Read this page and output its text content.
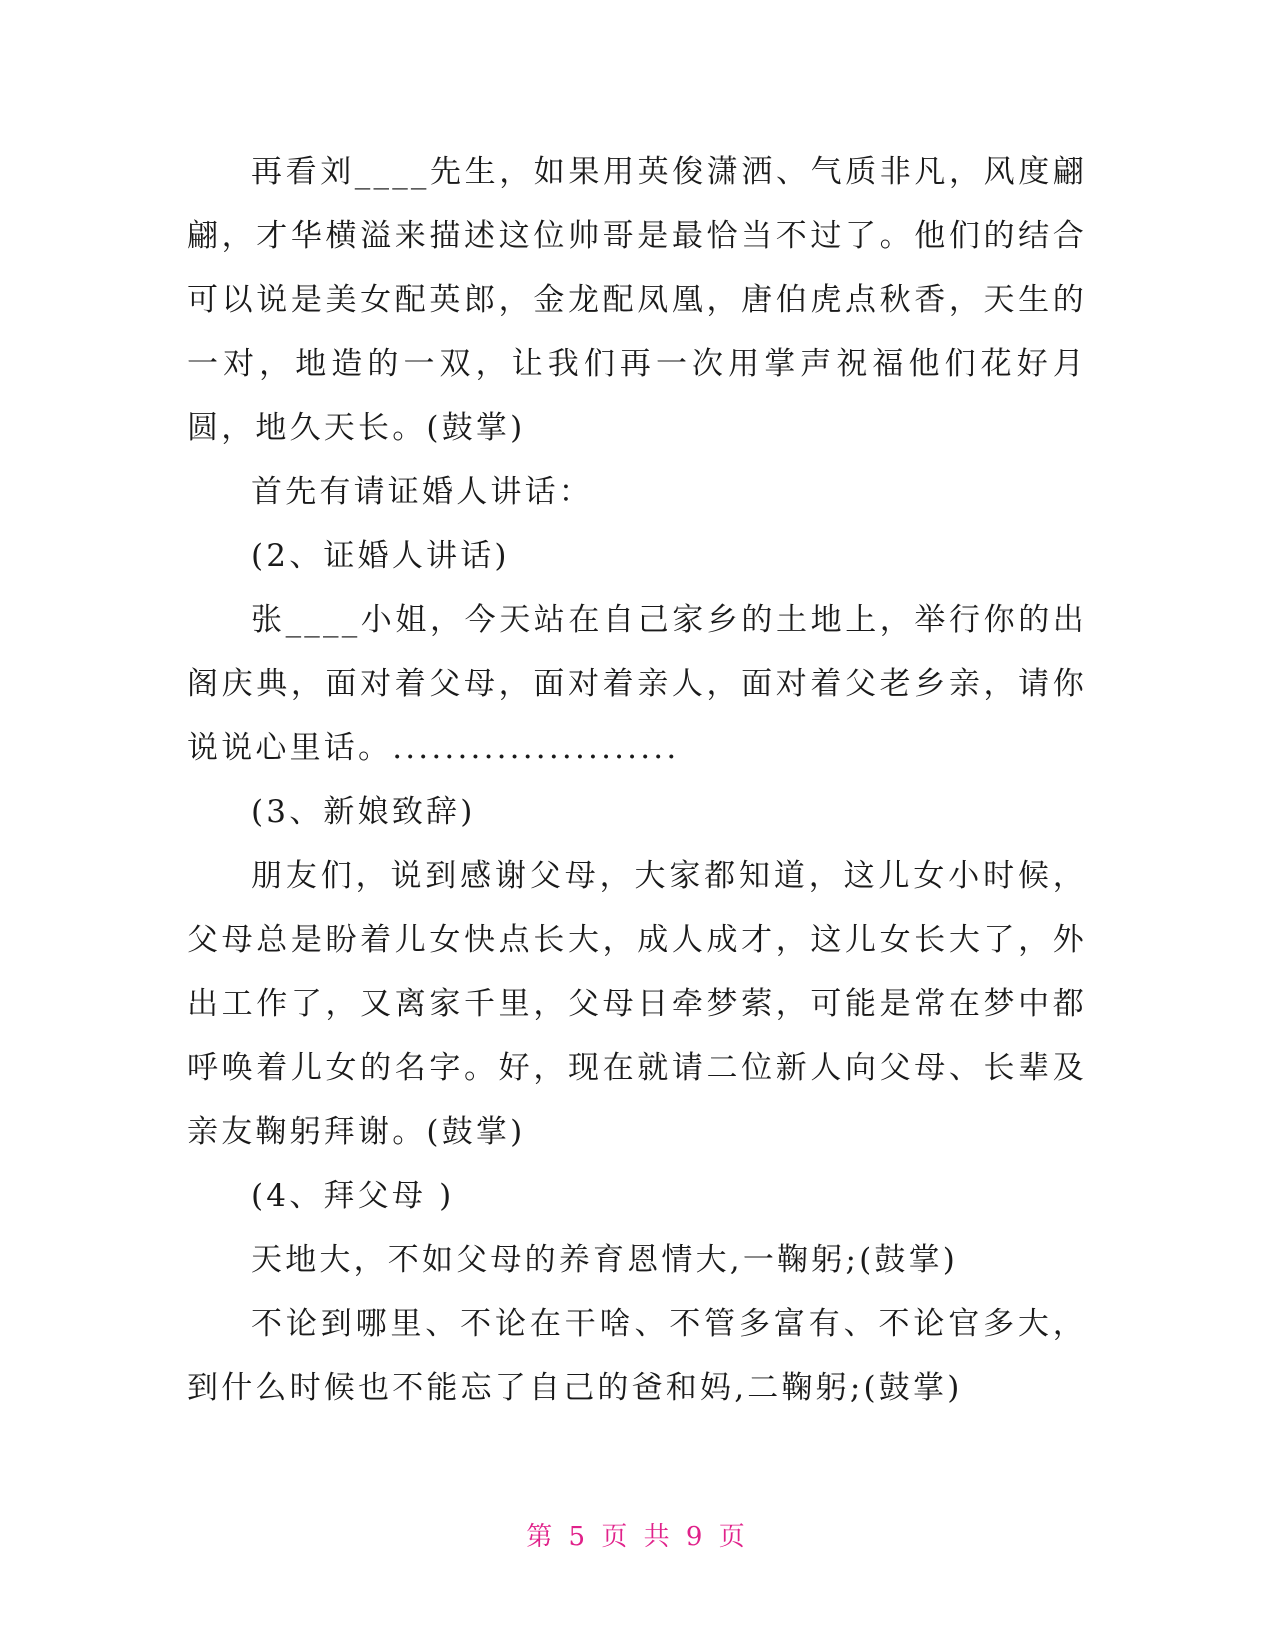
再看刘____先生，如果用英俊潇洒、气质非凡，风度翩翩，才华横溢来描述这位帅哥是最恰当不过了。他们的结合可以说是美女配英郎，金龙配凤凰，唐伯虎点秋香，天生的一对，地造的一双，让我们再一次用掌声祝福他们花好月圆，地久天长。(鼓掌)

首先有请证婚人讲话：

(2、证婚人讲话)

张____小姐，今天站在自己家乡的土地上，举行你的出阁庆典，面对着父母，面对着亲人，面对着父老乡亲，请你说说心里话。......................

(3、新娘致辞)

朋友们，说到感谢父母，大家都知道，这儿女小时候，父母总是盼着儿女快点长大，成人成才，这儿女长大了，外出工作了，又离家千里，父母日牵梦萦，可能是常在梦中都呼唤着儿女的名字。好，现在就请二位新人向父母、长辈及亲友鞠躬拜谢。(鼓掌)

(4、拜父母 )

天地大，不如父母的养育恩情大,一鞠躬;(鼓掌)

不论到哪里、不论在干啥、不管多富有、不论官多大，到什么时候也不能忘了自己的爸和妈,二鞠躬;(鼓掌)

第 5 页 共 9 页
